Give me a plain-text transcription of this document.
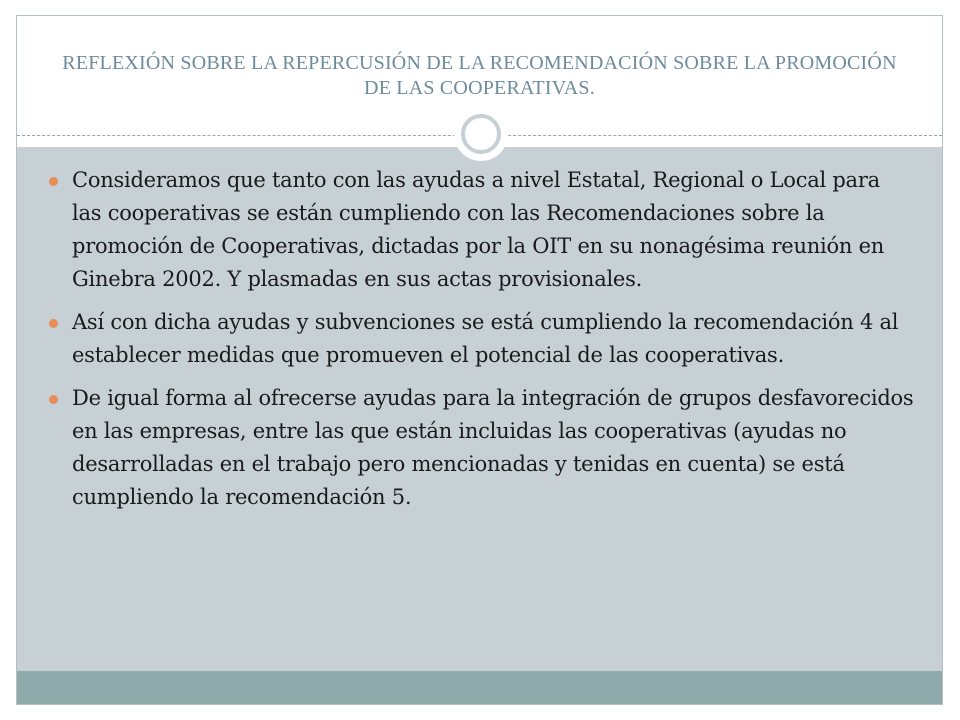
REFLEXIÓN SOBRE LA REPERCUSIÓN DE LA RECOMENDACIÓN SOBRE LA PROMOCIÓN DE LAS COOPERATIVAS.
Consideramos que tanto con las ayudas a nivel Estatal, Regional o Local para las cooperativas se están cumpliendo con las Recomendaciones sobre la promoción de Cooperativas, dictadas por la OIT en su nonagésima reunión en Ginebra 2002. Y plasmadas en sus actas provisionales.
Así con dicha ayudas y subvenciones se está cumpliendo la recomendación 4 al establecer medidas que promueven el potencial de las cooperativas.
De igual forma al ofrecerse ayudas para la integración de grupos desfavorecidos en las empresas, entre las que están incluidas las cooperativas (ayudas no desarrolladas en el trabajo pero mencionadas y tenidas en cuenta) se está cumpliendo la recomendación 5.
